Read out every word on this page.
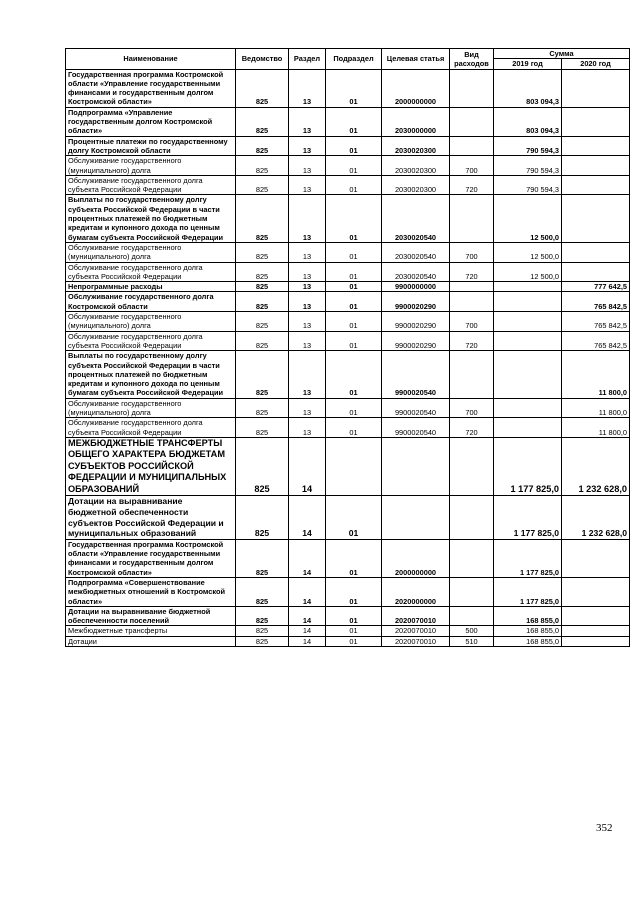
Наименование	Ведомство	Раздел	Подраздел	Целевая статья	Вид расходов	Сумма	
						2019 год	2020 год
Государственная программа Костромской области «Управление государственными финансами и государственным долгом Костромской области»	825	13	01	2000000000		803 094,3	
Подпрограмма «Управление государственным долгом Костромской области»	825	13	01	2030000000		803 094,3	
Процентные платежи по государственному долгу Костромской области	825	13	01	2030020300		790 594,3	
Обслуживание государственного (муниципального) долга	825	13	01	2030020300	700	790 594,3	
Обслуживание государственного долга субъекта Российской Федерации	825	13	01	2030020300	720	790 594,3	
Выплаты по государственному долгу субъекта Российской Федерации в части процентных платежей по бюджетным кредитам и купонного дохода по ценным бумагам субъекта Российской Федерации	825	13	01	2030020540		12 500,0	
Обслуживание государственного (муниципального) долга	825	13	01	2030020540	700	12 500,0	
Обслуживание государственного долга субъекта Российской Федерации	825	13	01	2030020540	720	12 500,0	
Непрограммные расходы	825	13	01	9900000000			777 642,5
Обслуживание государственного долга Костромской области	825	13	01	9900020290			765 842,5
Обслуживание государственного (муниципального) долга	825	13	01	9900020290	700		765 842,5
Обслуживание государственного долга субъекта Российской Федерации	825	13	01	9900020290	720		765 842,5
Выплаты по государственному долгу субъекта Российской Федерации в части процентных платежей по бюджетным кредитам и купонного дохода по ценным бумагам субъекта Российской Федерации	825	13	01	9900020540			11 800,0
Обслуживание государственного (муниципального) долга	825	13	01	9900020540	700		11 800,0
Обслуживание государственного долга субъекта Российской Федерации	825	13	01	9900020540	720		11 800,0
МЕЖБЮДЖЕТНЫЕ ТРАНСФЕРТЫ ОБЩЕГО ХАРАКТЕРА БЮДЖЕТАМ СУБЪЕКТОВ РОССИЙСКОЙ ФЕДЕРАЦИИ И МУНИЦИПАЛЬНЫХ ОБРАЗОВАНИЙ	825	14				1 177 825,0	1 232 628,0
Дотации на выравнивание бюджетной обеспеченности субъектов Российской Федерации и муниципальных образований	825	14	01			1 177 825,0	1 232 628,0
Государственная программа Костромской области «Управление государственными финансами и государственным долгом Костромской области»	825	14	01	2000000000		1 177 825,0	
Подпрограмма «Совершенствование межбюджетных отношений в Костромской области»	825	14	01	2020000000		1 177 825,0	
Дотации на выравнивание бюджетной обеспеченности поселений	825	14	01	2020070010		168 855,0	
Межбюджетные трансферты	825	14	01	2020070010	500	168 855,0	
Дотации	825	14	01	2020070010	510	168 855,0	
352
